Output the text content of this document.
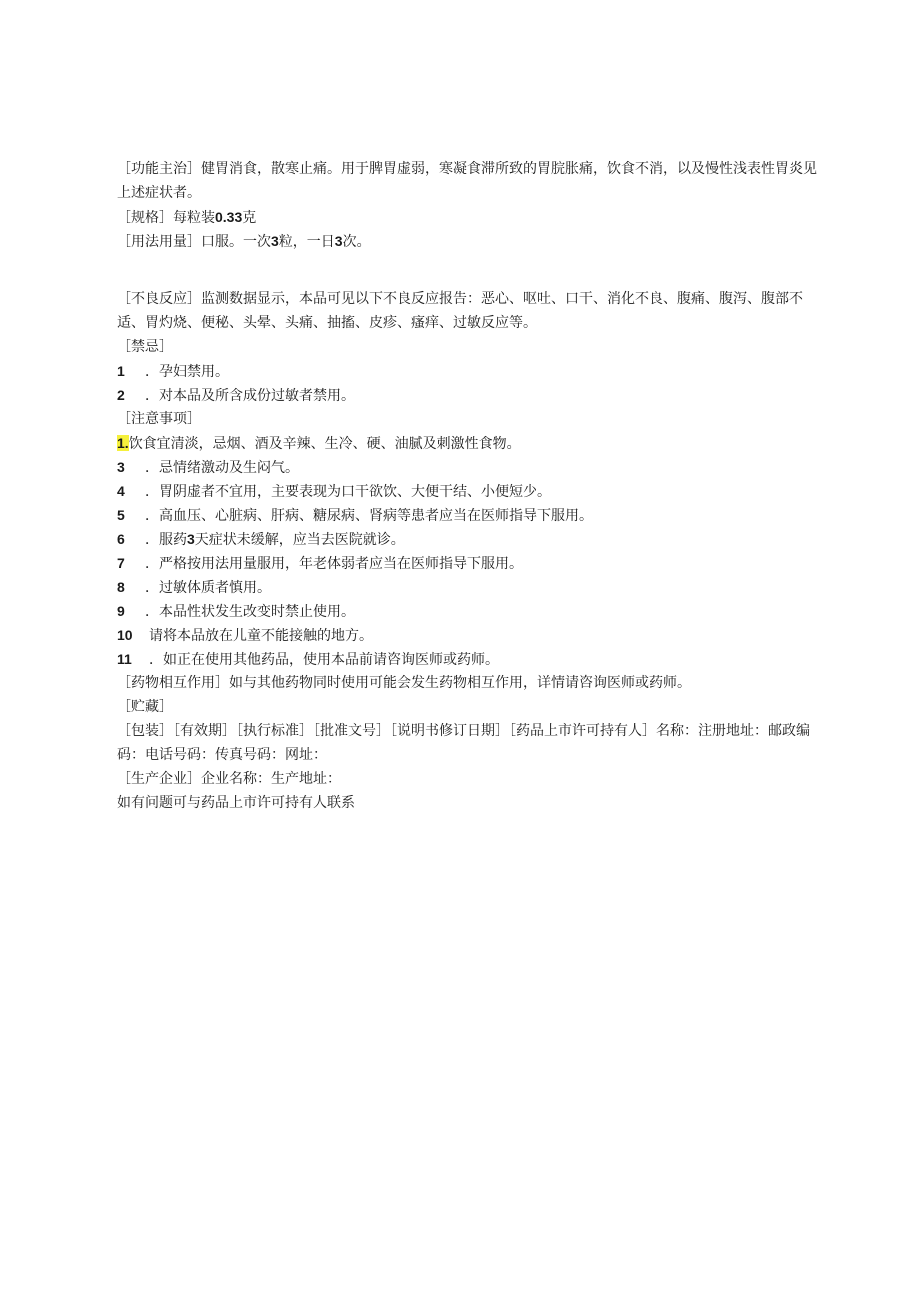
［功能主治］健胃消食，散寒止痛。用于脾胃虚弱，寒凝食滞所致的胃脘胀痛，饮食不消，以及慢性浅表性胃炎见上述症状者。
［规格］每粒装0.33克
［用法用量］口服。一次3粒，一日3次。
［不良反应］监测数据显示，本品可见以下不良反应报告：恶心、呕吐、口干、消化不良、腹痛、腹泻、腹部不适、胃灼烧、便秘、头晕、头痛、抽搐、皮疹、瘙痒、过敏反应等。
［禁忌］
1 ．孕妇禁用。
2 ．对本品及所含成份过敏者禁用。
［注意事项］
1.饮食宜清淡，忌烟、酒及辛辣、生冷、硬、油腻及刺激性食物。
3 ．忌情绪激动及生闷气。
4 ．胃阴虚者不宜用，主要表现为口干欲饮、大便干结、小便短少。
5 ．高血压、心脏病、肝病、糖尿病、肾病等患者应当在医师指导下服用。
6 ．服药3天症状未缓解，应当去医院就诊。
7 ．严格按用法用量服用，年老体弱者应当在医师指导下服用。
8 ．过敏体质者慎用。
9 ．本品性状发生改变时禁止使用。
10 请将本品放在儿童不能接触的地方。
11 ．如正在使用其他药品，使用本品前请咨询医师或药师。
［药物相互作用］如与其他药物同时使用可能会发生药物相互作用，详情请咨询医师或药师。
［贮藏］
［包装］［有效期］［执行标准］［批准文号］［说明书修订日期］［药品上市许可持有人］名称：注册地址：邮政编码：电话号码：传真号码：网址：
［生产企业］企业名称：生产地址：
如有问题可与药品上市许可持有人联系
